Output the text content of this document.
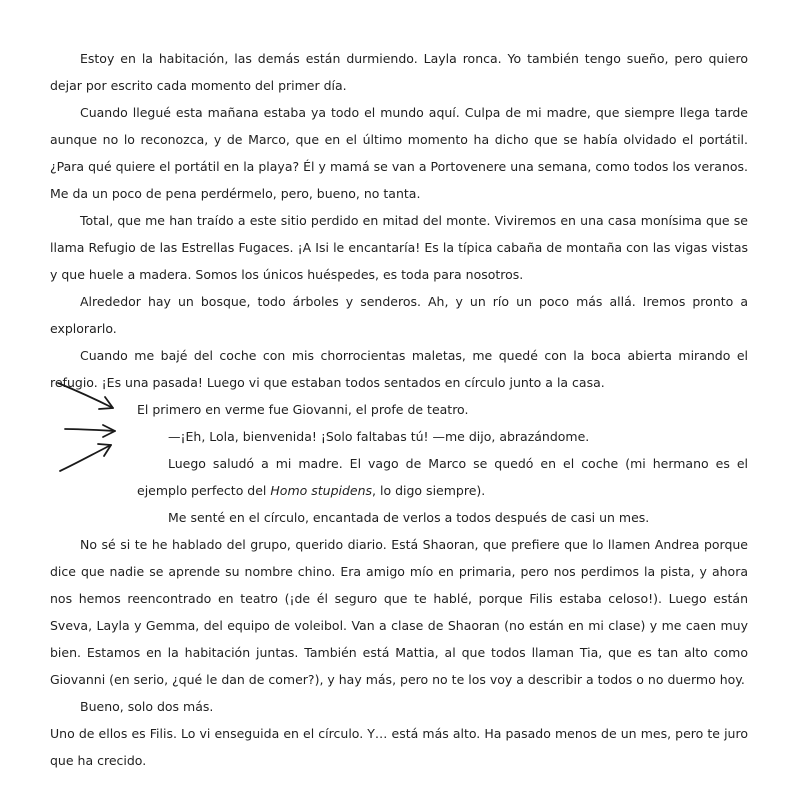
Estoy en la habitación, las demás están durmiendo. Layla ronca. Yo también tengo sueño, pero quiero dejar por escrito cada momento del primer día.

Cuando llegué esta mañana estaba ya todo el mundo aquí. Culpa de mi madre, que siempre llega tarde aunque no lo reconozca, y de Marco, que en el último momento ha dicho que se había olvidado el portátil. ¿Para qué quiere el portátil en la playa? Él y mamá se van a Portovenere una semana, como todos los veranos. Me da un poco de pena perdérmelo, pero, bueno, no tanta.

Total, que me han traído a este sitio perdido en mitad del monte. Viviremos en una casa monísima que se llama Refugio de las Estrellas Fugaces. ¡A Isi le encantaría! Es la típica cabaña de montaña con las vigas vistas y que huele a madera. Somos los únicos huéspedes, es toda para nosotros.

Alrededor hay un bosque, todo árboles y senderos. Ah, y un río un poco más allá. Iremos pronto a explorarlo.

Cuando me bajé del coche con mis chorrocientas maletas, me quedé con la boca abierta mirando el refugio. ¡Es una pasada! Luego vi que estaban todos sentados en círculo junto a la casa.

El primero en verme fue Giovanni, el profe de teatro.

—¡Eh, Lola, bienvenida! ¡Solo faltabas tú! —me dijo, abrazándome.

Luego saludó a mi madre. El vago de Marco se quedó en el coche (mi hermano es el ejemplo perfecto del Homo stupidens, lo digo siempre).

Me senté en el círculo, encantada de verlos a todos después de casi un mes.

No sé si te he hablado del grupo, querido diario. Está Shaoran, que prefiere que lo llamen Andrea porque dice que nadie se aprende su nombre chino. Era amigo mío en primaria, pero nos perdimos la pista, y ahora nos hemos reencontrado en teatro (¡de él seguro que te hablé, porque Filis estaba celoso!). Luego están Sveva, Layla y Gemma, del equipo de voleibol. Van a clase de Shaoran (no están en mi clase) y me caen muy bien. Estamos en la habitación juntas. También está Mattia, al que todos llaman Tia, que es tan alto como Giovanni (en serio, ¿qué le dan de comer?), y hay más, pero no te los voy a describir a todos o no duermo hoy.

Bueno, solo dos más.

Uno de ellos es Filis. Lo vi enseguida en el círculo. Y… está más alto. Ha pasado menos de un mes, pero te juro que ha crecido.
